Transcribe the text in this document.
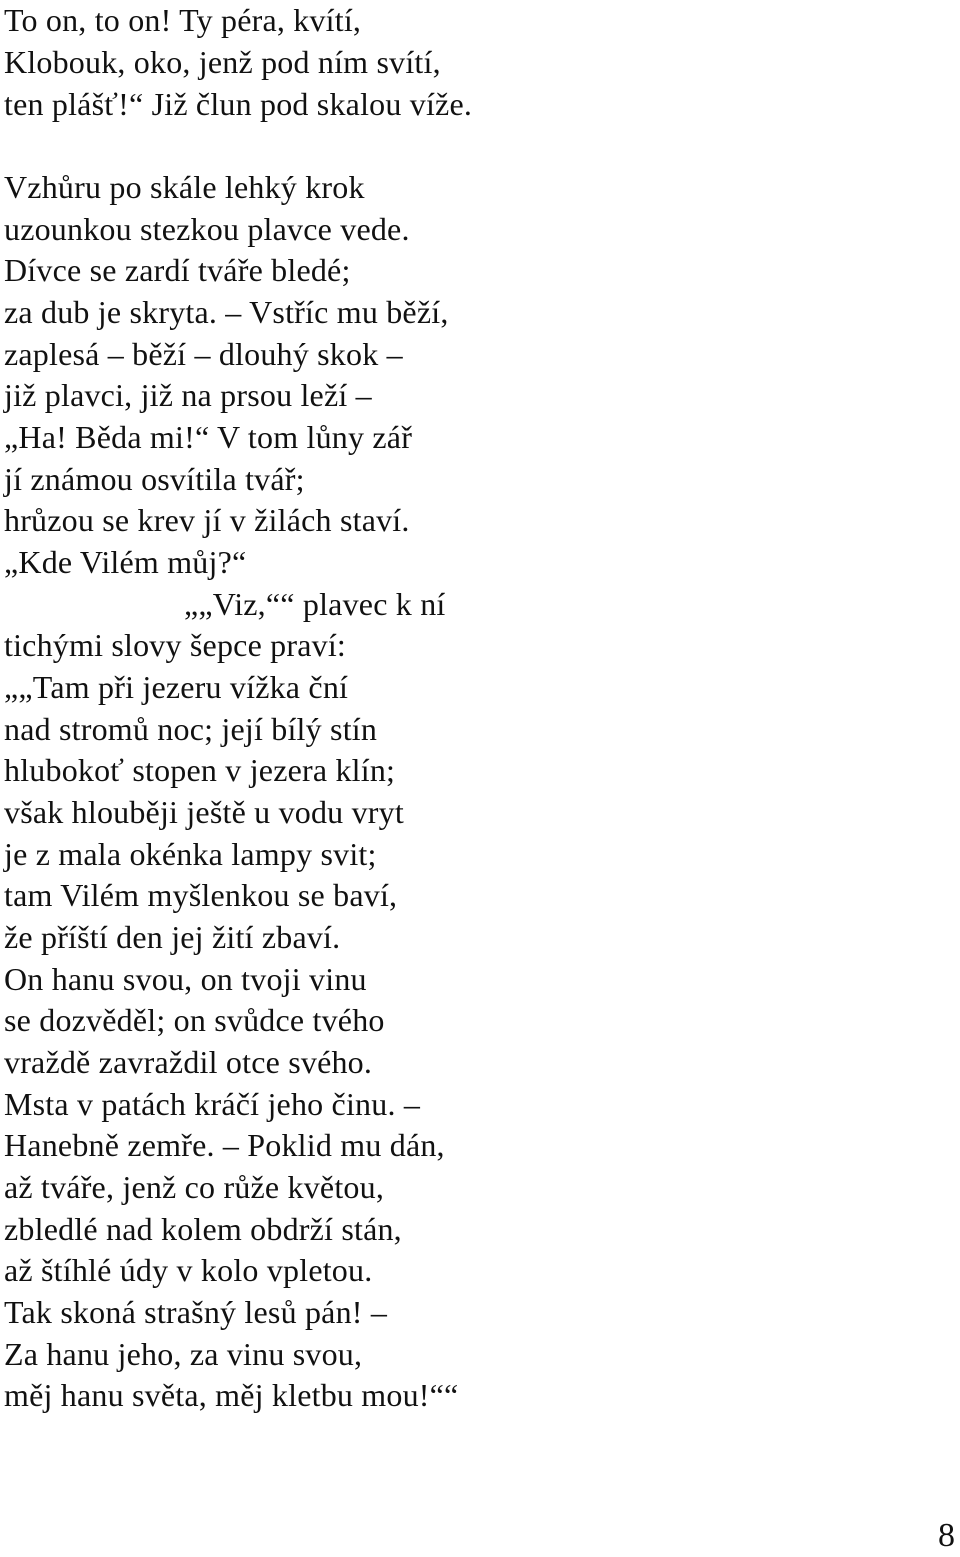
To on, to on! Ty péra, kvítí,
Klobouk, oko, jenž pod ním svítí,
ten plášť!“ Již člun pod skalou víže.
Vzhůru po skále lehký krok
uzounkou stezkou plavce vede.
Dívce se zardí tváře bledé;
za dub je skryta. – Vstříc mu běží,
zaplesá – běží – dlouhý skok –
již plavci, již na prsou leží –
„Ha! Běda mi!“ V tom lůny zář
jí známou osvítila tvář;
hrůzou se krev jí v žilách staví.
„Kde Vilém můj?“
„„Viz,““ plavec k ní
tichými slovy šepce praví:
„„Tam při jezeru vížka ční
nad stromů noc; její bílý stín
hlubokoť stopen v jezera klín;
však hlouběji ještě u vodu vryt
je z mala okénka lampy svit;
tam Vilém myšlenkou se baví,
že příští den jej žití zbaví.
On hanu svou, on tvoji vinu
se dozvěděl; on svůdce tvého
vraždě zavraždil otce svého.
Msta v patách kráčí jeho činu. –
Hanebně zemře. – Poklid mu dán,
až tváře, jenž co růže květou,
zbledlé nad kolem obdrží stán,
až štíhlé údy v kolo vpletou.
Tak skoná strašný lesů pán! –
Za hanu jeho, za vinu svou,
měj hanu světa, měj kletbu mou!““
8
